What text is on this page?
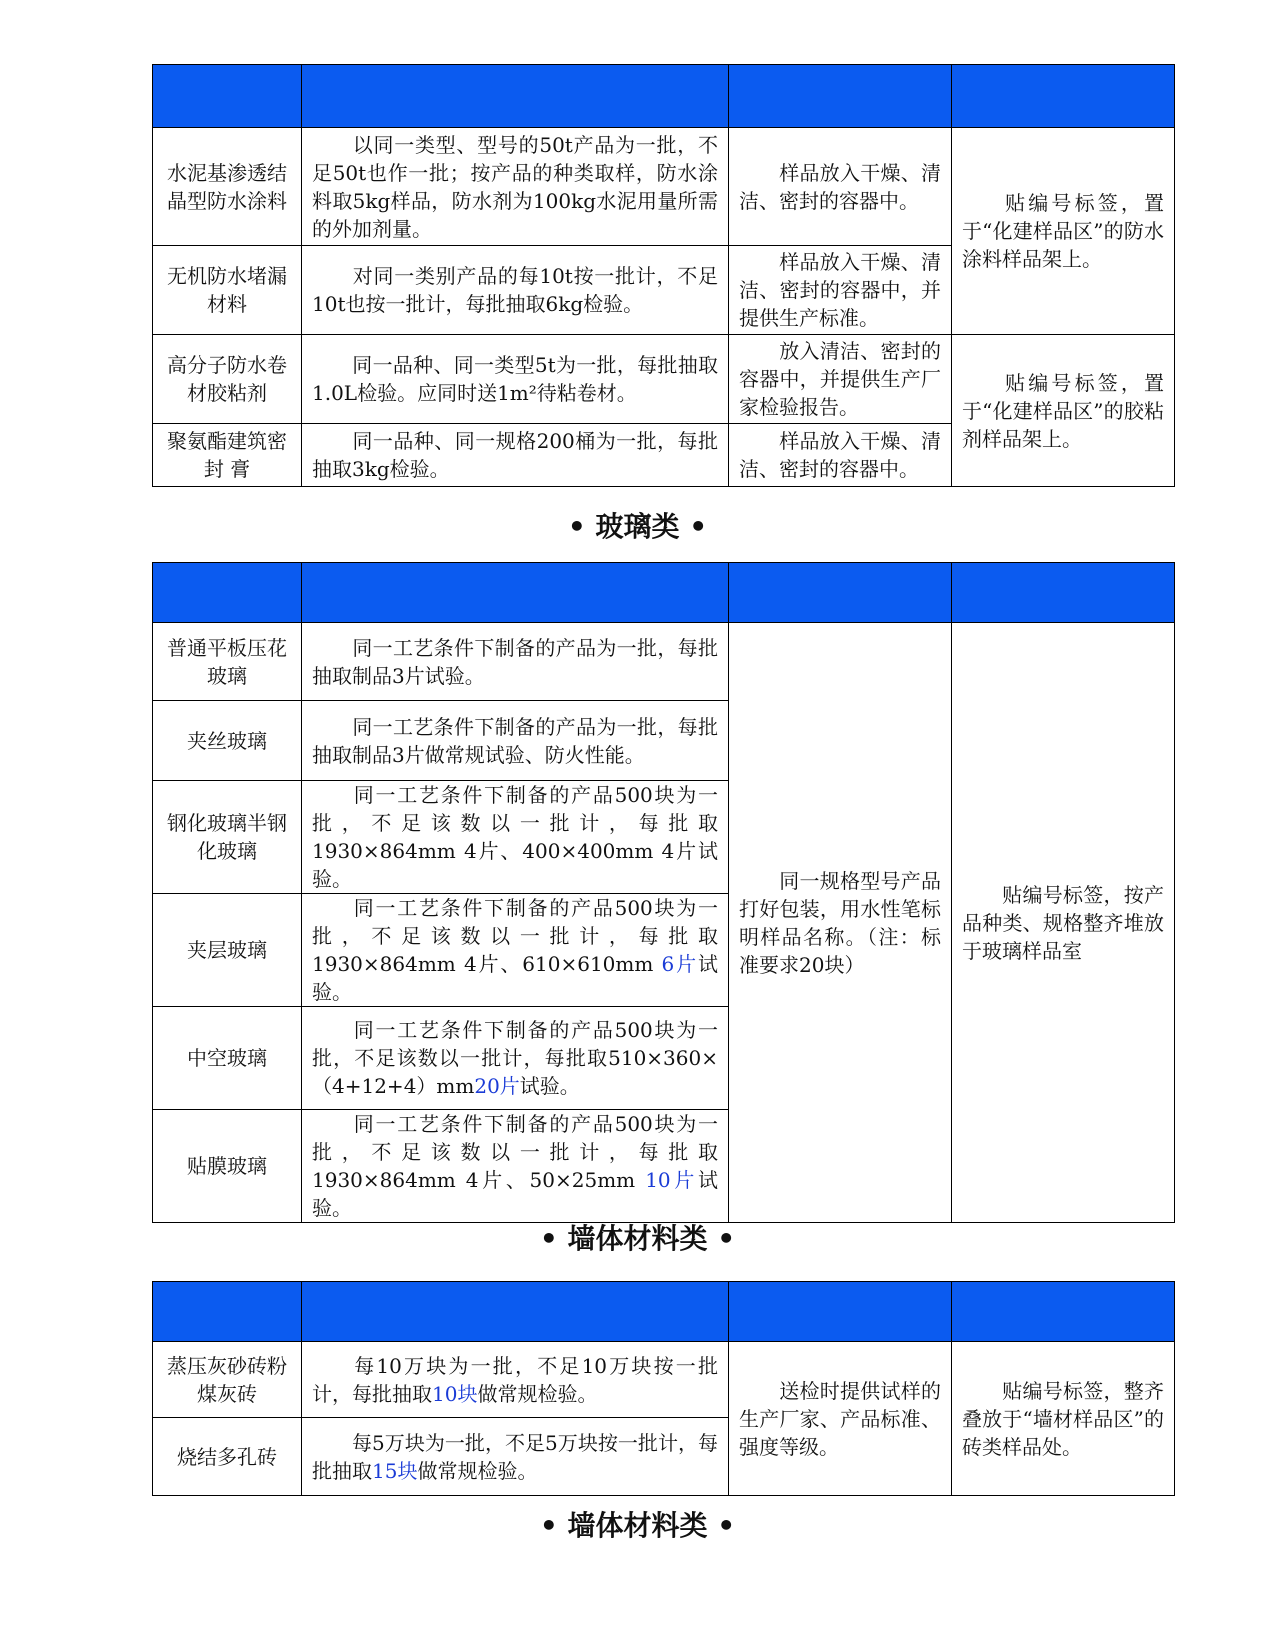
水泥基渗透结晶型防水涂料	以同一类型、型号的50t产品为一批，不足50t也作一批；按产品的种类取样，防水涂料取5kg样品，防水剂为100kg水泥用量所需的外加剂量。	样品放入干燥、清洁、密封的容器中。	贴编号标签，置于“化建样品区”的防水涂料样品架上。
无机防水堵漏材料	对同一类别产品的每10t按一批计，不足10t也按一批计，每批抽取6kg检验。	样品放入干燥、清洁、密封的容器中，并提供生产标准。	
高分子防水卷材胶粘剂	同一品种、同一类型5t为一批，每批抽取1.0L检验。应同时送1m²待粘卷材。	放入清洁、密封的容器中，并提供生产厂家检验报告。	贴编号标签，置于“化建样品区”的胶粘剂样品架上。
聚氨酯建筑密 封 膏	同一品种、同一规格200桶为一批，每批抽取3kg检验。	样品放入干燥、清洁、密封的容器中。	
• 玻璃类 •

普通平板压花玻璃	同一工艺条件下制备的产品为一批，每批抽取制品3片试验。	同一规格型号产品打好包装，用水性笔标明样品名称。（注：标准要求20块）	贴编号标签，按产品种类、规格整齐堆放于玻璃样品室
夹丝玻璃	同一工艺条件下制备的产品为一批，每批抽取制品3片做常规试验、防火性能。		
钢化玻璃半钢化玻璃	同一工艺条件下制备的产品500块为一批，不足该数以一批计，每批取1930×864mm 4片、400×400mm 4片试验。		
夹层玻璃	同一工艺条件下制备的产品500块为一批，不足该数以一批计，每批取1930×864mm 4片、610×610mm 6片试验。		
中空玻璃	同一工艺条件下制备的产品500块为一批，不足该数以一批计，每批取510×360×（4+12+4）mm20片试验。		
贴膜玻璃	同一工艺条件下制备的产品500块为一批，不足该数以一批计，每批取1930×864mm 4片、50×25mm 10片试验。		
• 墙体材料类 •

蒸压灰砂砖粉煤灰砖	每10万块为一批，不足10万块按一批计，每批抽取10块做常规检验。	送检时提供试样的生产厂家、产品标准、强度等级。	贴编号标签，整齐叠放于“墙材样品区”的砖类样品处。
烧结多孔砖	每5万块为一批，不足5万块按一批计，每批抽取15块做常规检验。		
• 墙体材料类 •
